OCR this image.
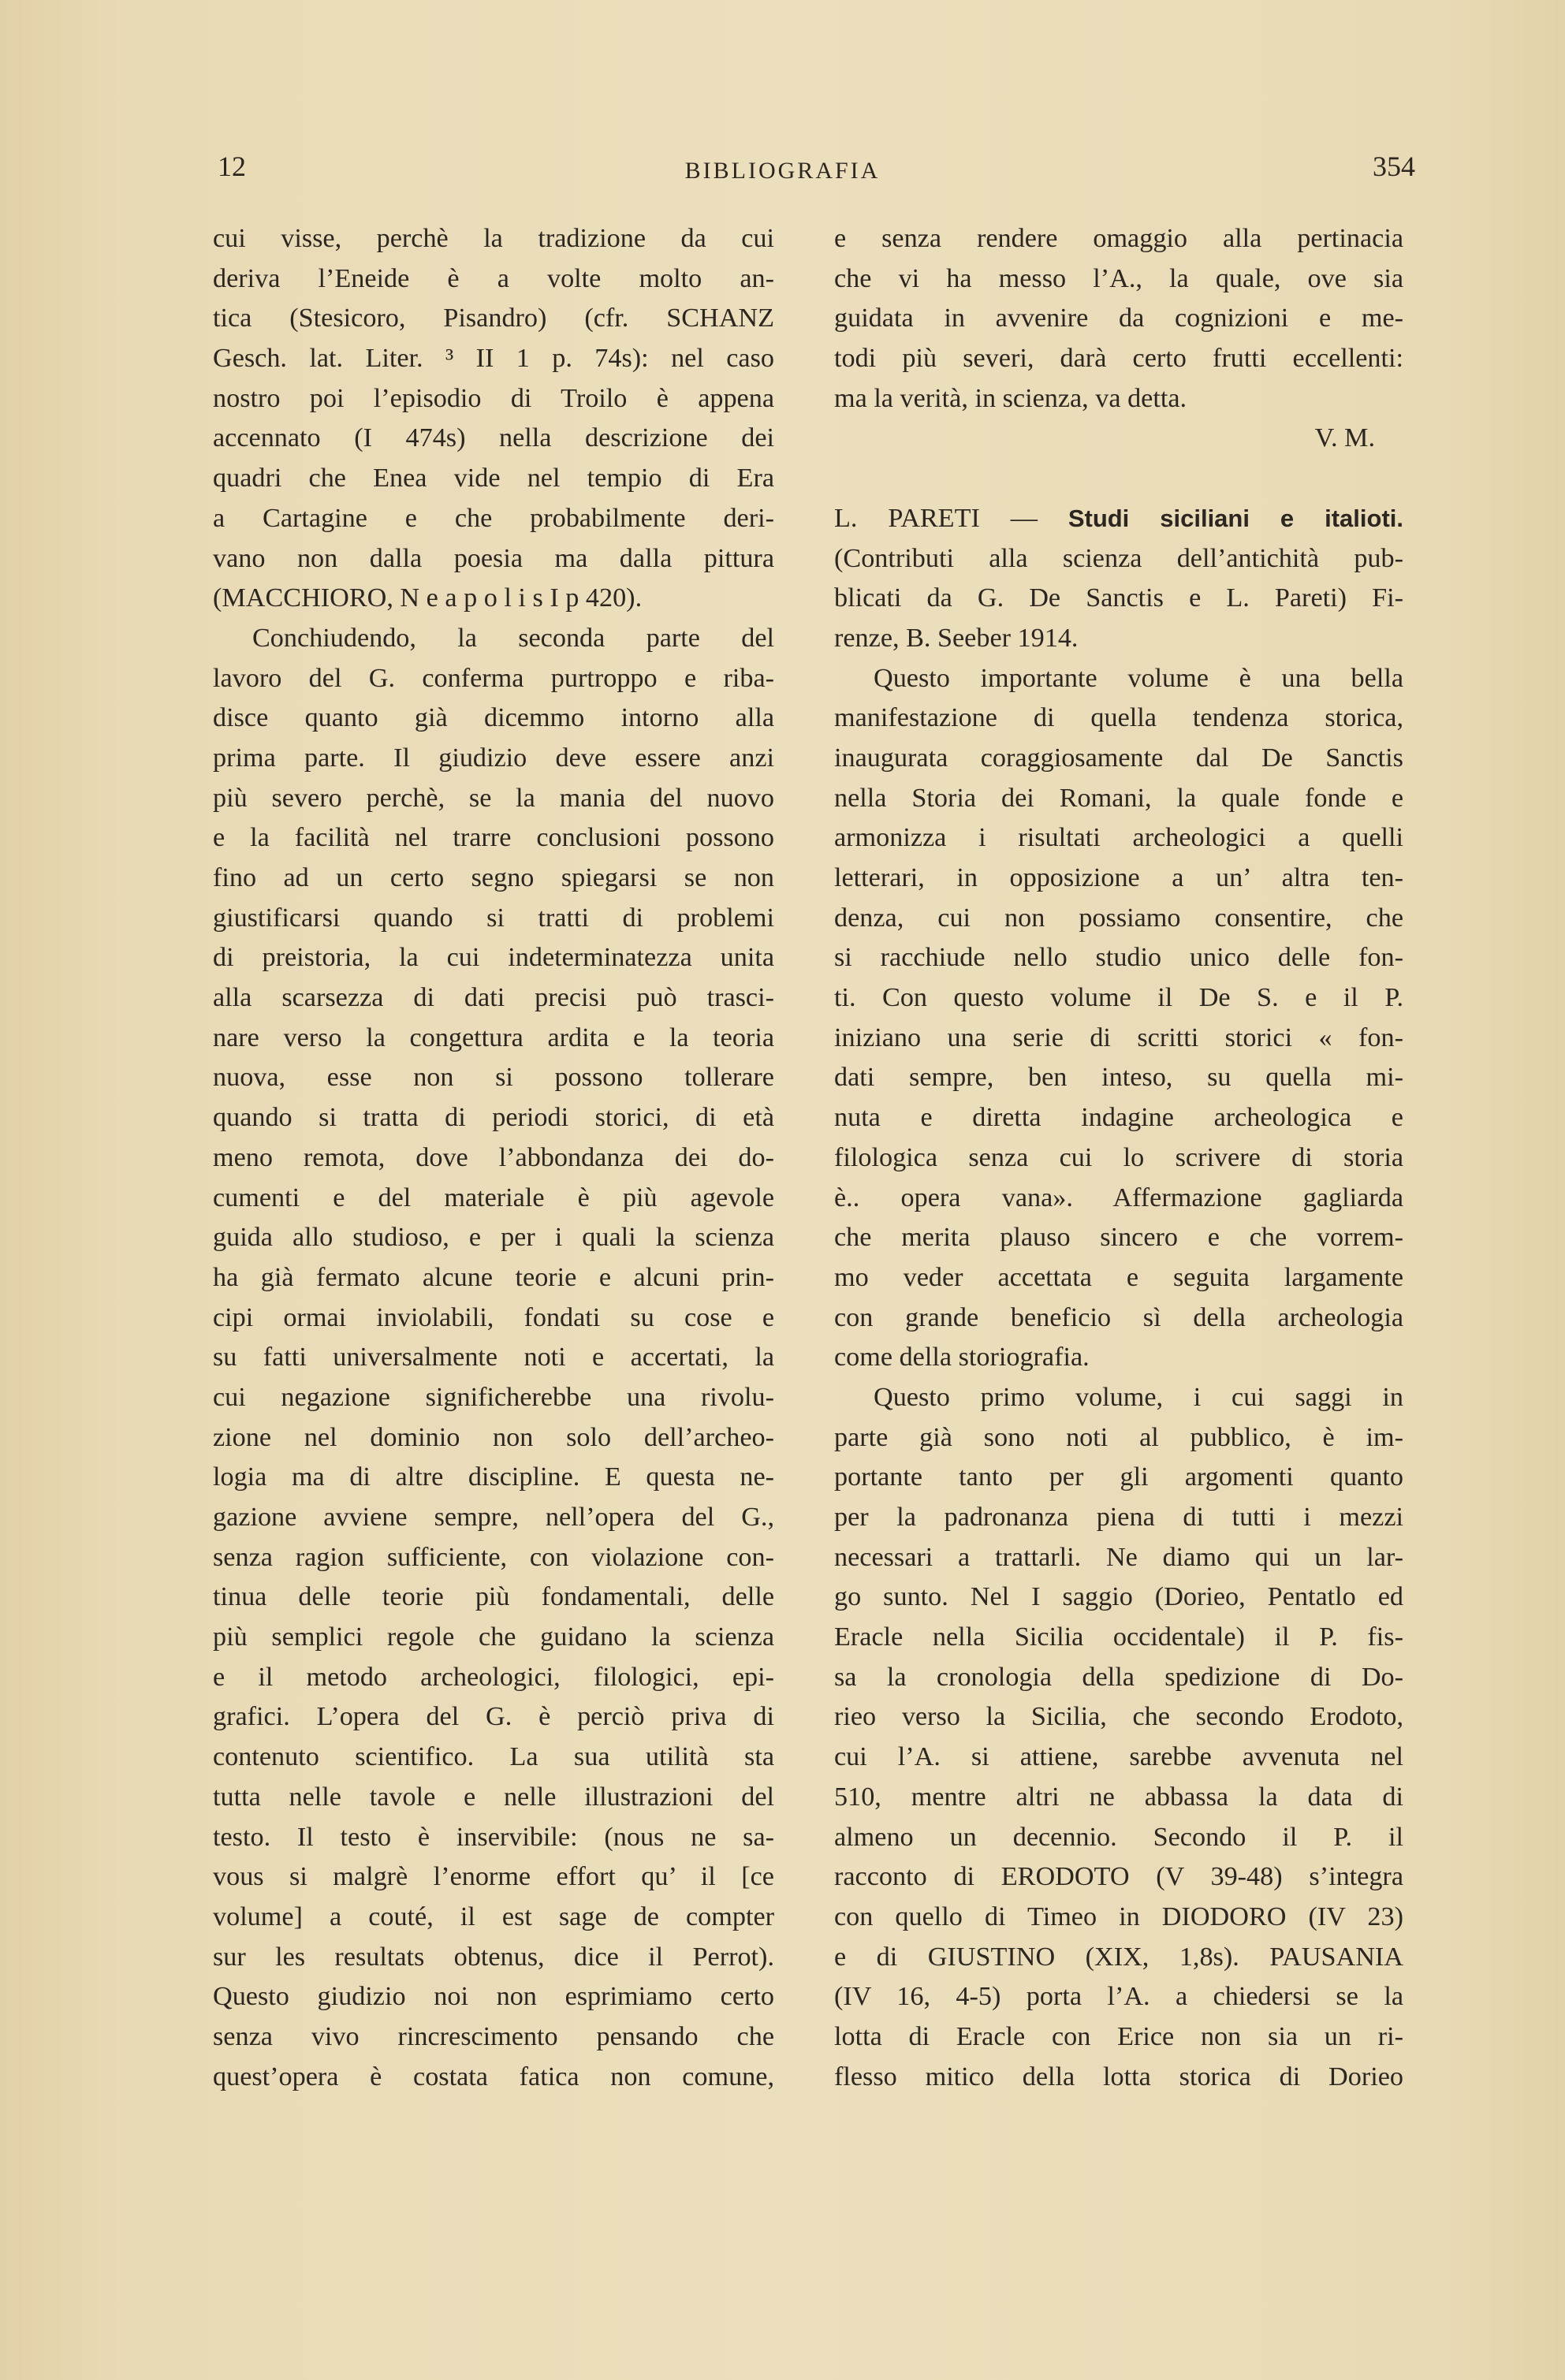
12	BIBLIOGRAFIA	354
cui visse, perchè la tradizione da cui
deriva l’Eneide è a volte molto an-
tica (Stesicoro, Pisandro) (cfr. SCHANZ
Gesch. lat. Liter. ³ II 1 p. 74s): nel caso
nostro poi l’episodio di Troilo è appena
accennato (I 474s) nella descrizione dei
quadri che Enea vide nel tempio di Era
a Cartagine e che probabilmente deri-
vano non dalla poesia ma dalla pittura
(MACCHIORO, N e a p o l i s I p 420).
Conchiudendo, la seconda parte del
lavoro del G. conferma purtroppo e riba-
disce quanto già dicemmo intorno alla
prima parte. Il giudizio deve essere anzi
più severo perchè, se la mania del nuovo
e la facilità nel trarre conclusioni possono
fino ad un certo segno spiegarsi se non
giustificarsi quando si tratti di problemi
di preistoria, la cui indeterminatezza unita
alla scarsezza di dati precisi può trasci-
nare verso la congettura ardita e la teoria
nuova, esse non si possono tollerare
quando si tratta di periodi storici, di età
meno remota, dove l’abbondanza dei do-
cumenti e del materiale è più agevole
guida allo studioso, e per i quali la scienza
ha già fermato alcune teorie e alcuni prin-
cipi ormai inviolabili, fondati su cose e
su fatti universalmente noti e accertati, la
cui negazione significherebbe una rivolu-
zione nel dominio non solo dell’archeo-
logia ma di altre discipline. E questa ne-
gazione avviene sempre, nell’opera del G.,
senza ragion sufficiente, con violazione con-
tinua delle teorie più fondamentali, delle
più semplici regole che guidano la scienza
e il metodo archeologici, filologici, epi-
grafici. L’opera del G. è perciò priva di
contenuto scientifico. La sua utilità sta
tutta nelle tavole e nelle illustrazioni del
testo. Il testo è inservibile: (nous ne sa-
vous si malgrè l’enorme effort qu’ il [ce
volume] a couté, il est sage de compter
sur les resultats obtenus, dice il Perrot).
Questo giudizio noi non esprimiamo certo
senza vivo rincrescimento pensando che
quest’opera è costata fatica non comune,
e senza rendere omaggio alla pertinacia
che vi ha messo l’A., la quale, ove sia
guidata in avvenire da cognizioni e me-
todi più severi, darà certo frutti eccellenti:
ma la verità, in scienza, va detta.
V. M.
L. PARETI — Studi siciliani e italioti.
(Contributi alla scienza dell’antichità pub-
blicati da G. De Sanctis e L. Pareti) Fi-
renze, B. Seeber 1914.
Questo importante volume è una bella
manifestazione di quella tendenza storica,
inaugurata coraggiosamente dal De Sanctis
nella Storia dei Romani, la quale fonde e
armonizza i risultati archeologici a quelli
letterari, in opposizione a un’ altra ten-
denza, cui non possiamo consentire, che
si racchiude nello studio unico delle fon-
ti. Con questo volume il De S. e il P.
iniziano una serie di scritti storici « fon-
dati sempre, ben inteso, su quella mi-
nuta e diretta indagine archeologica e
filologica senza cui lo scrivere di storia
è.. opera vana». Affermazione gagliarda
che merita plauso sincero e che vorrem-
mo veder accettata e seguita largamente
con grande beneficio sì della archeologia
come della storiografia.
Questo primo volume, i cui saggi in
parte già sono noti al pubblico, è im-
portante tanto per gli argomenti quanto
per la padronanza piena di tutti i mezzi
necessari a trattarli. Ne diamo qui un lar-
go sunto. Nel I saggio (Dorieo, Pentatlo ed
Eracle nella Sicilia occidentale) il P. fis-
sa la cronologia della spedizione di Do-
rieo verso la Sicilia, che secondo Erodoto,
cui l’A. si attiene, sarebbe avvenuta nel
510, mentre altri ne abbassa la data di
almeno un decennio. Secondo il P. il
racconto di ERODOTO (V 39-48) s’integra
con quello di Timeo in DIODORO (IV 23)
e di GIUSTINO (XIX, 1,8s). PAUSANIA
(IV 16, 4-5) porta l’A. a chiedersi se la
lotta di Eracle con Erice non sia un ri-
flesso mitico della lotta storica di Dorieo
